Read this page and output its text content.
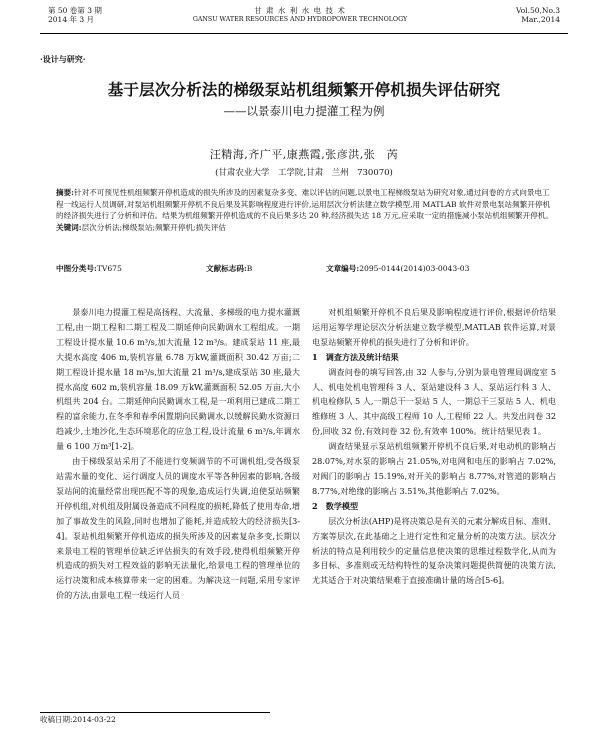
第 50 卷第 3 期
2014 年 3 月
甘 肃 水 利 水 电 技 术
GANSU WATER RESOURCES AND HYDROPOWER TECHNOLOGY
Vol.50,No.3
Mar.,2014
·设计与研究·
基于层次分析法的梯级泵站机组频繁开停机损失评估研究
——以景泰川电力提灌工程为例
汪精海,齐广平,康燕霞,张彦洪,张　芮
(甘肃农业大学　工学院,甘肃　兰州　730070)
摘要:针对不可预见性机组频繁开停机造成的损失所涉及的因素复杂多变、难以评估的问题,以景电工程梯级泵站为研究对象,通过问卷的方式向景电工程一线运行人员调研,对泵站机组频繁开停机不良后果及其影响程度进行评价,运用层次分析法建立数学模型,用 MATLAB 软件对景电泵站频繁开停机的经济损失进行了分析和评估。结果为机组频繁开停机造成的不良后果多达 20 种,经济损失达 18 万元,应采取一定的措施减小泵站机组频繁开停机。
关键词:层次分析法;梯级泵站;频繁开停机;损失评估
中图分类号:TV675	文献标志码:B	文章编号:2095-0144(2014)03-0043-03

景泰川电力提灌工程是高扬程、大流量、多梯级的电力提水灌溉工程,由一期工程和二期工程及二期延伸向民勤调水工程组成。一期工程设计提水量 10.6 m³/s,加大流量 12 m³/s。建成泵站 11 座,最大提水高度 406 m,装机容量 6.78 万kW,灌溉面积 30.42 万亩;二期工程设计提水量 18 m³/s,加大流量 21 m³/s,建成泵站 30 座,最大提水高度 602 m,装机容量 18.09 万kW,灌溉面积 52.05 万亩,大小机组共 204 台。二期延伸向民勤调水工程,是一项利用已建成二期工程的富余能力,在冬季和春季闲置期向民勤调水,以缓解民勤水资源日趋减少,土地沙化,生态环境恶化的应急工程,设计流量 6 m³/s,年调水量 6 100 万m³[1-2]。

由于梯级泵站采用了不能进行变频调节的不可调机组,受各级泵站需水量的变化、运行调度人员的调度水平等各种因素的影响,各级泵站间的流量经常出现匹配不等的现象,造成运行失调,迫使泵站频繁开停机组,对机组及附属设备造成不同程度的损耗,降低了使用寿命,增加了事故发生的风险,同时也增加了能耗,并造成较大的经济损失[3-4]。泵站机组频繁开停机造成的损失所涉及的因素复杂多变,长期以来景电工程的管理单位缺乏评估损失的有效手段,使得机组频繁开停机造成的损失对工程效益的影响无法量化,给景电工程的管理单位的运行决策和成本核算带来一定的困难。为解决这一问题,采用专家评价的方法,由景电工程一线运行人员

对机组频繁开停机不良后果及影响程度进行评价,根据评价结果运用运筹学理论层次分析法建立数学模型,MATLAB 软件运算,对景电泵站频繁开停机的损失进行了分析和评价。

1　调查方法及统计结果

调查问卷的填写回答,由 32 人参与,分别为景电管理局调度室 5 人、机电处机电管理科 3 人、泵站建设科 3 人、泵站运行科 3 人、机电检修队 5 人,一期总干一泵站 5 人、一期总干三泵站 5 人、机电维修班 3 人、其中高级工程师 10 人,工程师 22 人。共发出问卷 32 份,回收 32 份,有效问卷 32 份,有效率 100%。统计结果见表 1。

调查结果显示泵站机组频繁开停机不良后果,对电动机的影响占 28.07%,对水泵的影响占 21.05%,对电网和电压的影响占 7.02%,对阀门的影响占 15.19%,对开关的影响占 8.77%,对管道的影响占 8.77%,对绝缘的影响占 3.51%,其他影响占 7.02%。

2　数学模型

层次分析法(AHP)是将决策总是有关的元素分解成目标、准则、方案等层次,在此基础之上进行定性和定量分析的决策方法。层次分析法的特点是利用较少的定量信息使决策的思维过程数学化,从而为多目标、多准则或无结构特性的复杂决策问题提供简便的决策方法,尤其适合于对决策结果难于直接准确计量的场合[5-6]。

收稿日期:2014-03-22
